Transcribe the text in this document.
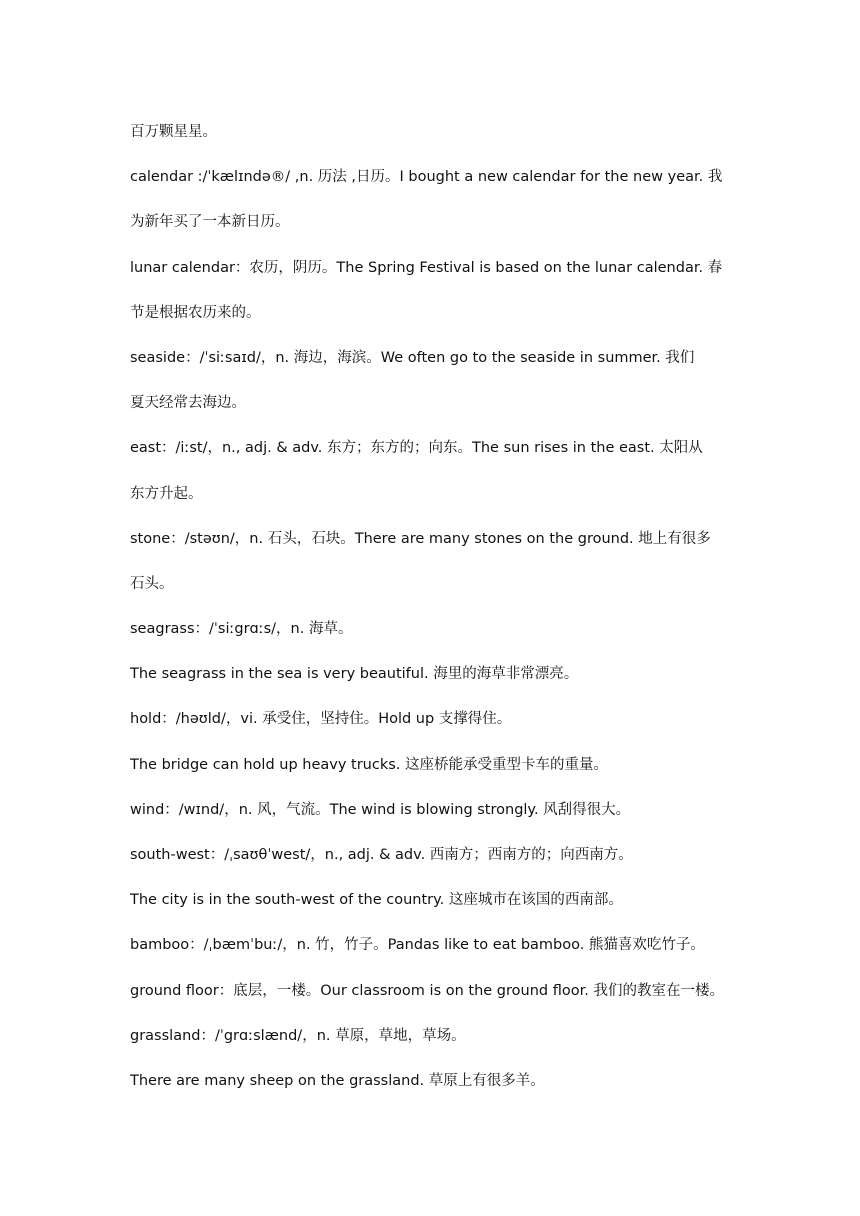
百万颗星星。
calendar :/ˈkælɪndə®/ ,n. 历法 ,日历。I bought a new calendar for the new year. 我
为新年买了一本新日历。
lunar calendar：农历，阴历。The Spring Festival is based on the lunar calendar. 春
节是根据农历来的。
seaside：/ˈsiːsaɪd/，n. 海边，海滨。We often go to the seaside in summer. 我们
夏天经常去海边。
east：/iːst/，n., adj. & adv. 东方；东方的；向东。The sun rises in the east. 太阳从
东方升起。
stone：/stəʊn/，n. 石头，石块。There are many stones on the ground. 地上有很多
石头。
seagrass：/ˈsiːgrɑːs/，n. 海草。
The seagrass in the sea is very beautiful. 海里的海草非常漂亮。
hold：/həʊld/，vi. 承受住，坚持住。Hold up 支撑得住。
The bridge can hold up heavy trucks. 这座桥能承受重型卡车的重量。
wind：/wɪnd/，n. 风，气流。The wind is blowing strongly. 风刮得很大。
south-west：/ˌsaʊθˈwest/，n., adj. & adv. 西南方；西南方的；向西南方。
The city is in the south-west of the country. 这座城市在该国的西南部。
bamboo：/ˌbæmˈbuː/，n. 竹，竹子。Pandas like to eat bamboo. 熊猫喜欢吃竹子。
ground floor：底层，一楼。Our classroom is on the ground floor. 我们的教室在一楼。
grassland：/ˈgrɑːslænd/，n. 草原，草地，草场。
There are many sheep on the grassland. 草原上有很多羊。
